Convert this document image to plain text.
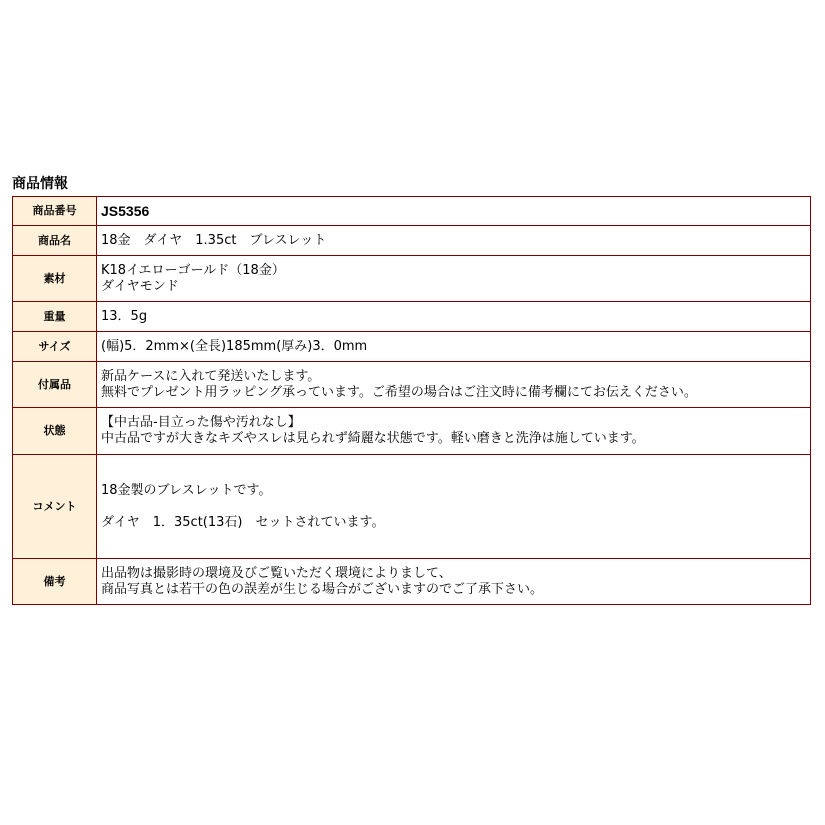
商品情報
商品番号	JS5356

商品名	18金　ダイヤ　1.35ct　ブレスレット

素材	K18イエローゴールド（18金）
ダイヤモンド

重量	13．5g

サイズ	(幅)5．2mm×(全長)185mm(厚み)3．0mm

付属品	新品ケースに入れて発送いたします。
無料でプレゼント用ラッピング承っています。ご希望の場合はご注文時に備考欄にてお伝えください。

状態	【中古品-目立った傷や汚れなし】
中古品ですが大きなキズやスレは見られず綺麗な状態です。軽い磨きと洗浄は施しています。

コメント	18金製のブレスレットです。
ダイヤ　1．35ct(13石)　セットされています。

備考	出品物は撮影時の環境及びご覧いただく環境によりまして、
商品写真とは若干の色の誤差が生じる場合がございますのでご了承下さい。
